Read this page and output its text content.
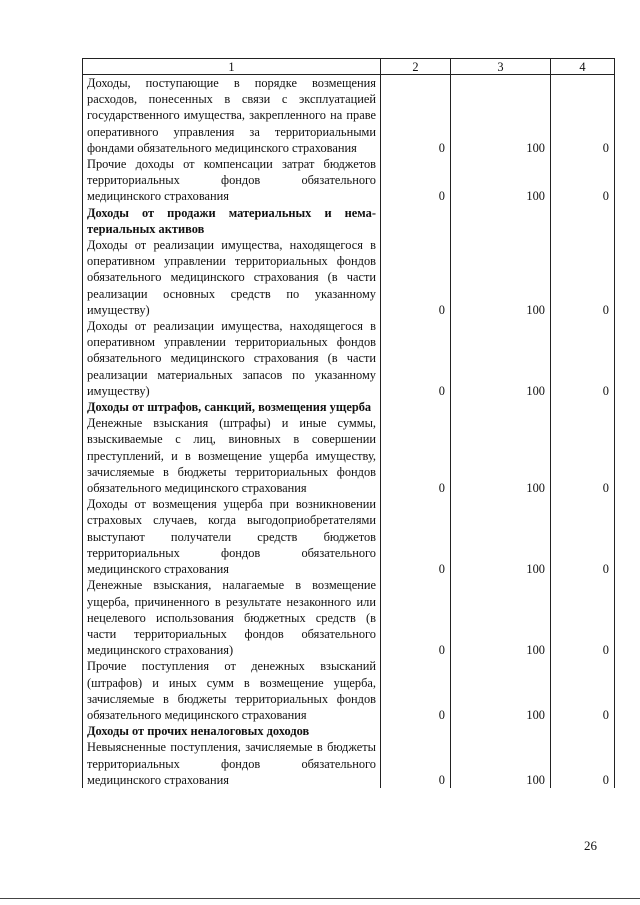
1	2	3	4
Доходы, поступающие в порядке возмещения расходов, понесенных в связи с эксплуатацией государственного имущества, закрепленного на праве оперативного управления за территориальными фондами обязательного медицинского страхования	0	100	0
Прочие доходы от компенсации затрат бюджетов территориальных фондов обязательного медицинского страхования	0	100	0
Доходы от продажи материальных и нематериальных активов			
Доходы от реализации имущества, находящегося в оперативном управлении территориальных фондов обязательного медицинского страхования (в части реализации основных средств по указанному имуществу)	0	100	0
Доходы от реализации имущества, находящегося в оперативном управлении территориальных фондов обязательного медицинского страхования (в части реализации материальных запасов по указанному имуществу)	0	100	0
Доходы от штрафов, санкций, возмещения ущерба			
Денежные взыскания (штрафы) и иные суммы, взыскиваемые с лиц, виновных в совершении преступлений, и в возмещение ущерба имуществу, зачисляемые в бюджеты территориальных фондов обязательного медицинского страхования	0	100	0
Доходы от возмещения ущерба при возникновении страховых случаев, когда выгодоприобретателями выступают получатели средств бюджетов территориальных фондов обязательного медицинского страхования	0	100	0
Денежные взыскания, налагаемые в возмещение ущерба, причиненного в результате незаконного или нецелевого использования бюджетных средств (в части территориальных фондов обязательного медицинского страхования)	0	100	0
Прочие поступления от денежных взысканий (штрафов) и иных сумм в возмещение ущерба, зачисляемые в бюджеты территориальных фондов обязательного медицинского страхования	0	100	0
Доходы от прочих неналоговых доходов			
Невыясненные поступления, зачисляемые в бюджеты территориальных фондов обязательного медицинского страхования	0	100	0
26
